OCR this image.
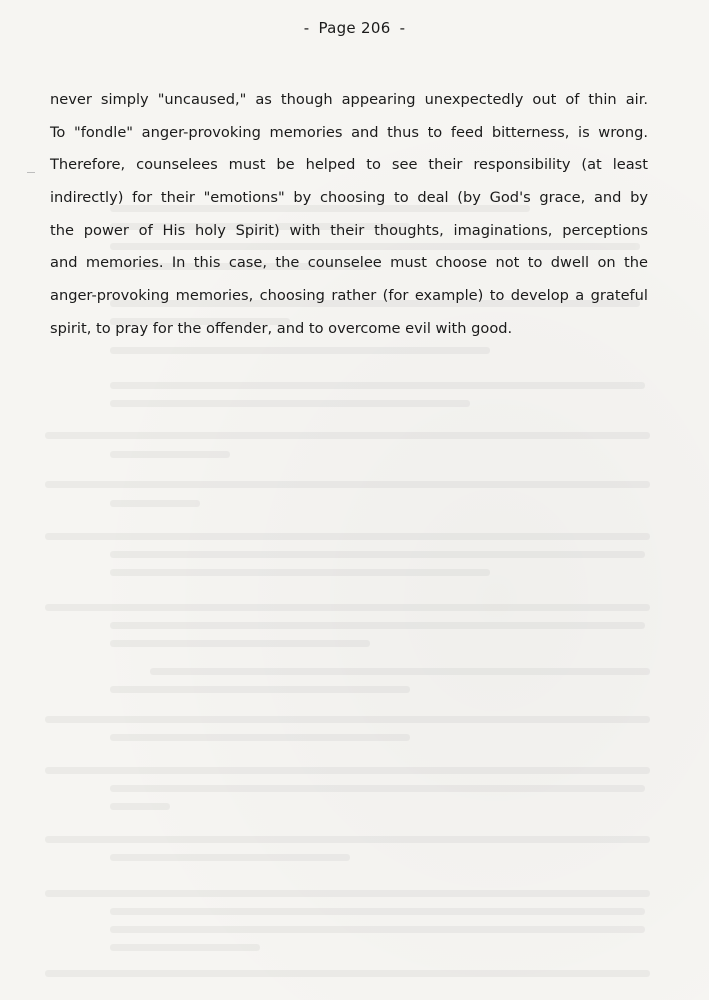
- Page 206 -
never simply "uncaused," as though appearing unexpectedly out of thin air.
To "fondle" anger-provoking memories and thus to feed bitterness, is wrong.
Therefore, counselees must be helped to see their responsibility (at least
indirectly) for their "emotions" by choosing to deal (by God's grace, and by
the power of His holy Spirit) with their thoughts, imaginations, perceptions
and memories. In this case, the counselee must choose not to dwell on the
anger-provoking memories, choosing rather (for example) to develop a grateful
spirit, to pray for the offender, and to overcome evil with good.
